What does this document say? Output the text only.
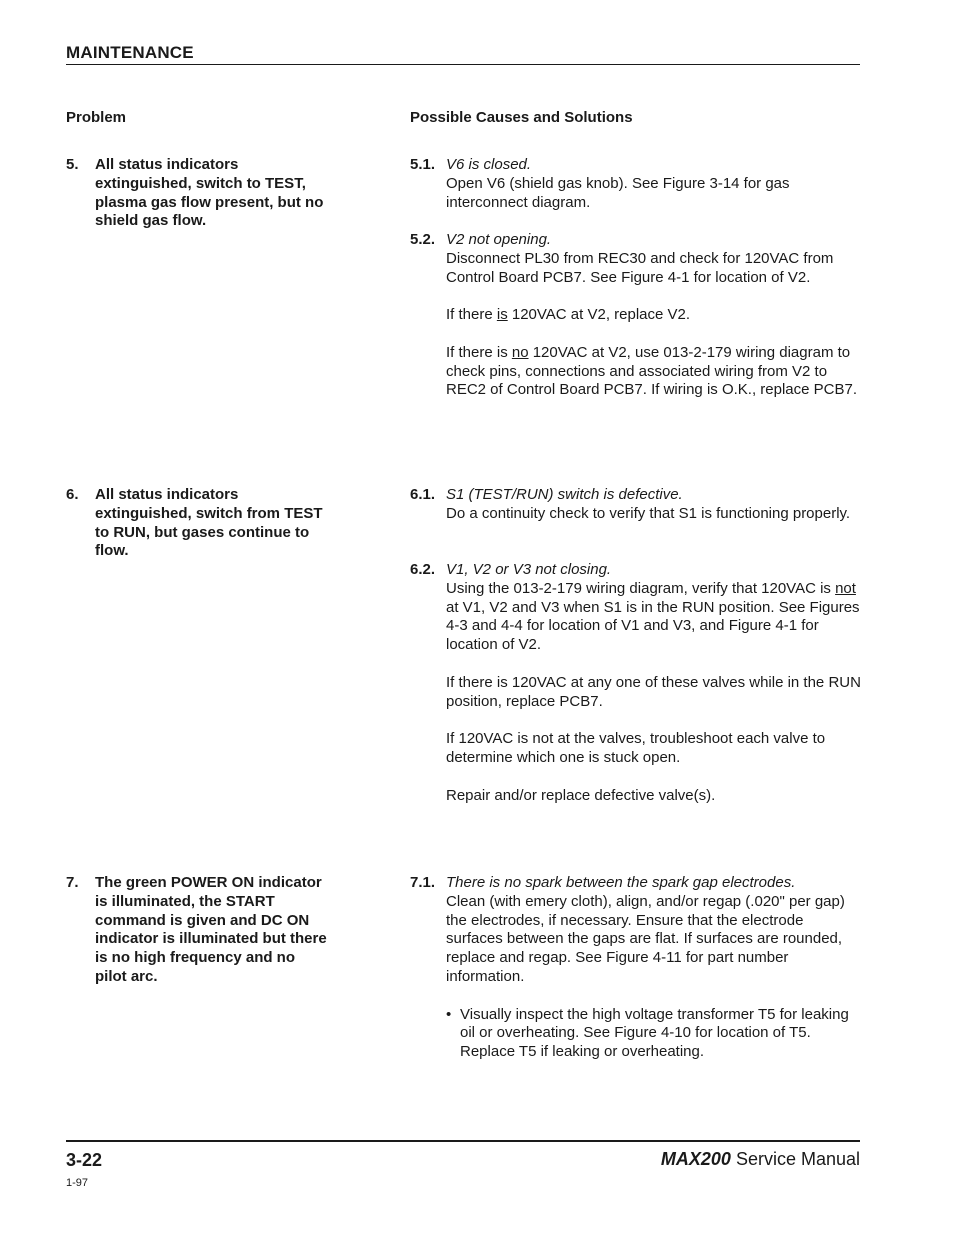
MAINTENANCE
Problem	Possible Causes and Solutions
5. All status indicators extinguished, switch to TEST, plasma gas flow present, but no shield gas flow.
5.1. V6 is closed.

Open V6 (shield gas knob). See Figure 3-14 for gas interconnect diagram.

5.2. V2 not opening.

Disconnect PL30 from REC30 and check for 120VAC from Control Board PCB7. See Figure 4-1 for location of V2.

If there is 120VAC at V2, replace V2.

If there is no 120VAC at V2, use 013-2-179 wiring diagram to check pins, connections and associated wiring from V2 to REC2 of Control Board PCB7. If wiring is O.K., replace PCB7.

6. All status indicators extinguished, switch from TEST to RUN, but gases continue to flow.
6.1. S1 (TEST/RUN) switch is defective.

Do a continuity check to verify that S1 is functioning properly.

6.2. V1, V2 or V3 not closing.

Using the 013-2-179 wiring diagram, verify that 120VAC is not at V1, V2 and V3 when S1 is in the RUN position. See Figures 4-3 and 4-4 for location of V1 and V3, and Figure 4-1 for location of V2.

If there is 120VAC at any one of these valves while in the RUN position, replace PCB7.

If 120VAC is not at the valves, troubleshoot each valve to determine which one is stuck open.

Repair and/or replace defective valve(s).

7. The green POWER ON indicator is illuminated, the START command is given and DC ON indicator is illuminated but there is no high frequency and no pilot arc.
7.1. There is no spark between the spark gap electrodes.

Clean (with emery cloth), align, and/or regap (.020" per gap) the electrodes, if necessary. Ensure that the electrode surfaces between the gaps are flat. If surfaces are rounded, replace and regap. See Figure 4-11 for part number information.

• Visually inspect the high voltage transformer T5 for leaking oil or overheating. See Figure 4-10 for location of T5. Replace T5 if leaking or overheating.
3-22
1-97
MAX200 Service Manual
